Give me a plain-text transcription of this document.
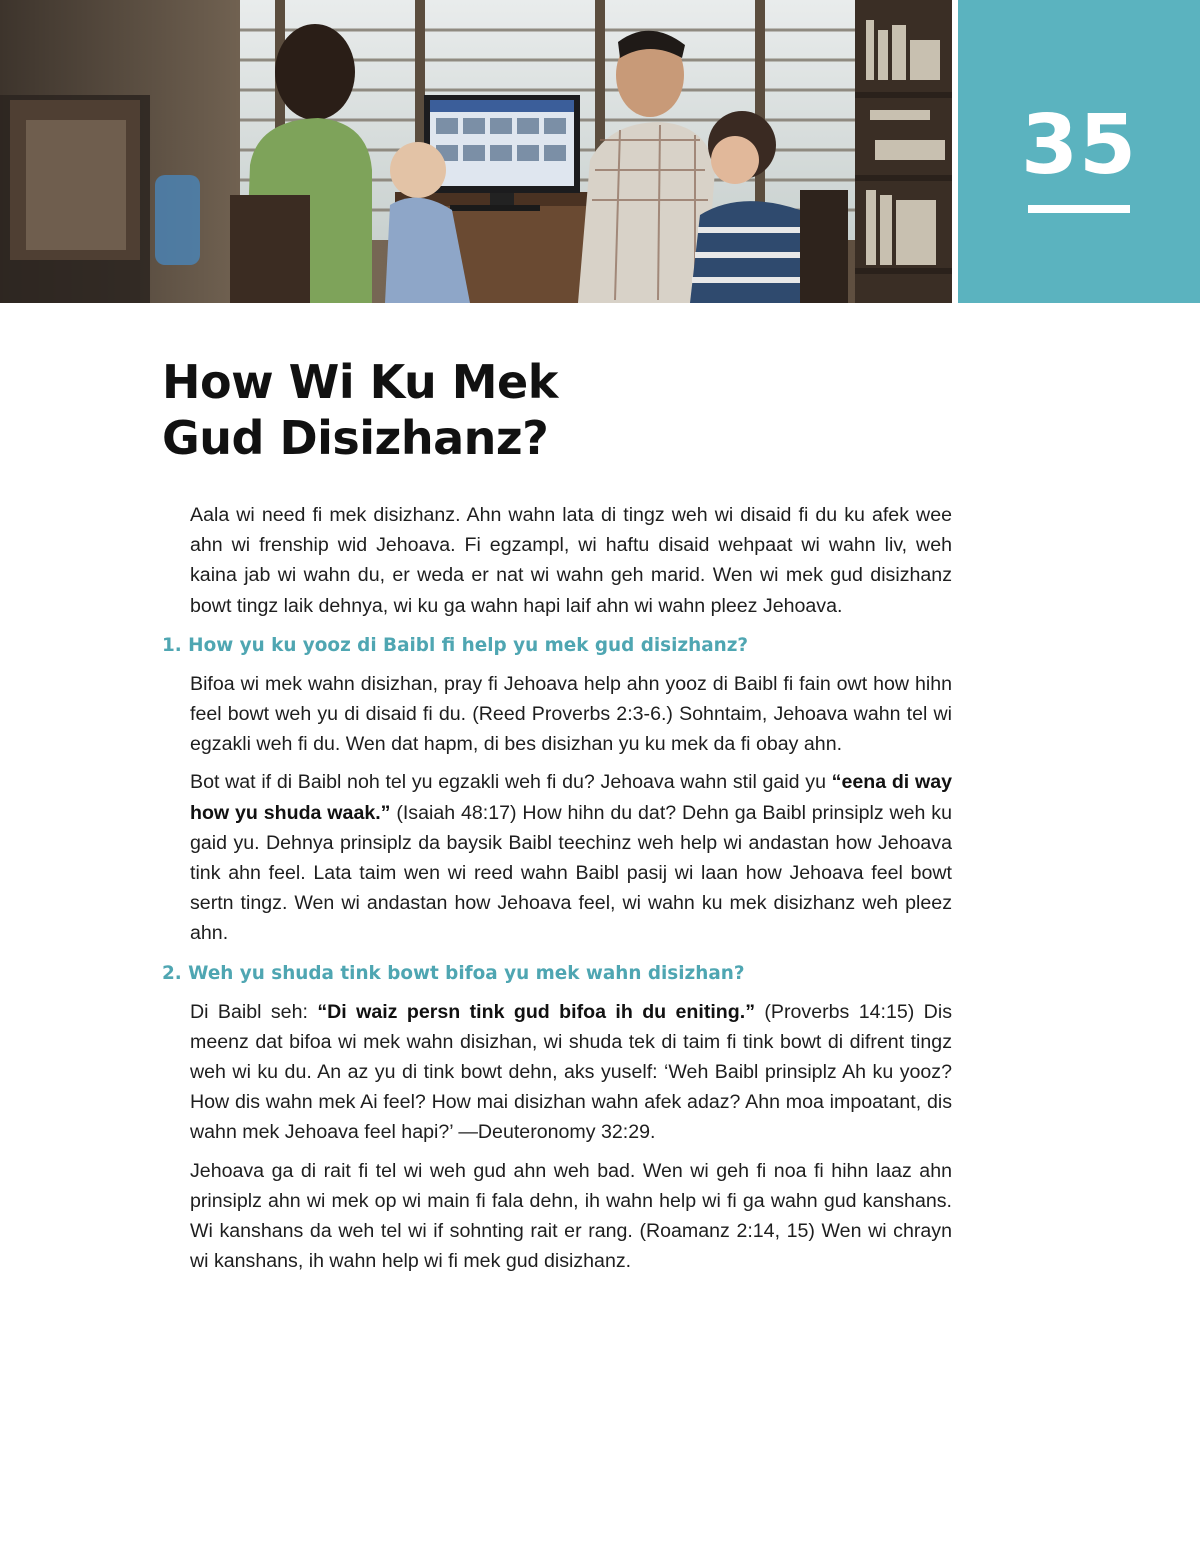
35
How Wi Ku Mek
Gud Disizhanz?

Aala wi need fi mek disizhanz. Ahn wahn lata di tingz weh wi disaid fi du ku afek wee ahn wi frenship wid Jehoava. Fi egzampl, wi haftu disaid wehpaat wi wahn liv, weh kaina jab wi wahn du, er weda er nat wi wahn geh marid. Wen wi mek gud disizhanz bowt tingz laik dehnya, wi ku ga wahn hapi laif ahn wi wahn pleez Jehoava.

1. How yu ku yooz di Baibl fi help yu mek gud disizhanz?

Bifoa wi mek wahn disizhan, pray fi Jehoava help ahn yooz di Baibl fi fain owt how hihn feel bowt weh yu di disaid fi du. (Reed Proverbs 2:3-6.) Sohntaim, Jehoava wahn tel wi egzakli weh fi du. Wen dat hapm, di bes disizhan yu ku mek da fi obay ahn.

Bot wat if di Baibl noh tel yu egzakli weh fi du? Jehoava wahn stil gaid yu “eena di way how yu shuda waak.” (Isaiah 48:17) How hihn du dat? Dehn ga Baibl prinsiplz weh ku gaid yu. Dehnya prinsiplz da baysik Baibl teechinz weh help wi andastan how Jehoava tink ahn feel. Lata taim wen wi reed wahn Baibl pasij wi laan how Jehoava feel bowt sertn tingz. Wen wi andastan how Jehoava feel, wi wahn ku mek disizhanz weh pleez ahn.

2. Weh yu shuda tink bowt bifoa yu mek wahn disizhan?

Di Baibl seh: “Di waiz persn tink gud bifoa ih du eniting.” (Proverbs 14:15) Dis meenz dat bifoa wi mek wahn disizhan, wi shuda tek di taim fi tink bowt di difrent tingz weh wi ku du. An az yu di tink bowt dehn, aks yuself: ‘Weh Baibl prinsiplz Ah ku yooz? How dis wahn mek Ai feel? How mai disizhan wahn afek adaz? Ahn moa impoatant, dis wahn mek Jehoava feel hapi?’ —Deuteronomy 32:29.

Jehoava ga di rait fi tel wi weh gud ahn weh bad. Wen wi geh fi noa fi hihn laaz ahn prinsiplz ahn wi mek op wi main fi fala dehn, ih wahn help wi fi ga wahn gud kanshans. Wi kanshans da weh tel wi if sohnting rait er rang. (Roamanz 2:14, 15) Wen wi chrayn wi kanshans, ih wahn help wi fi mek gud disizhanz.
